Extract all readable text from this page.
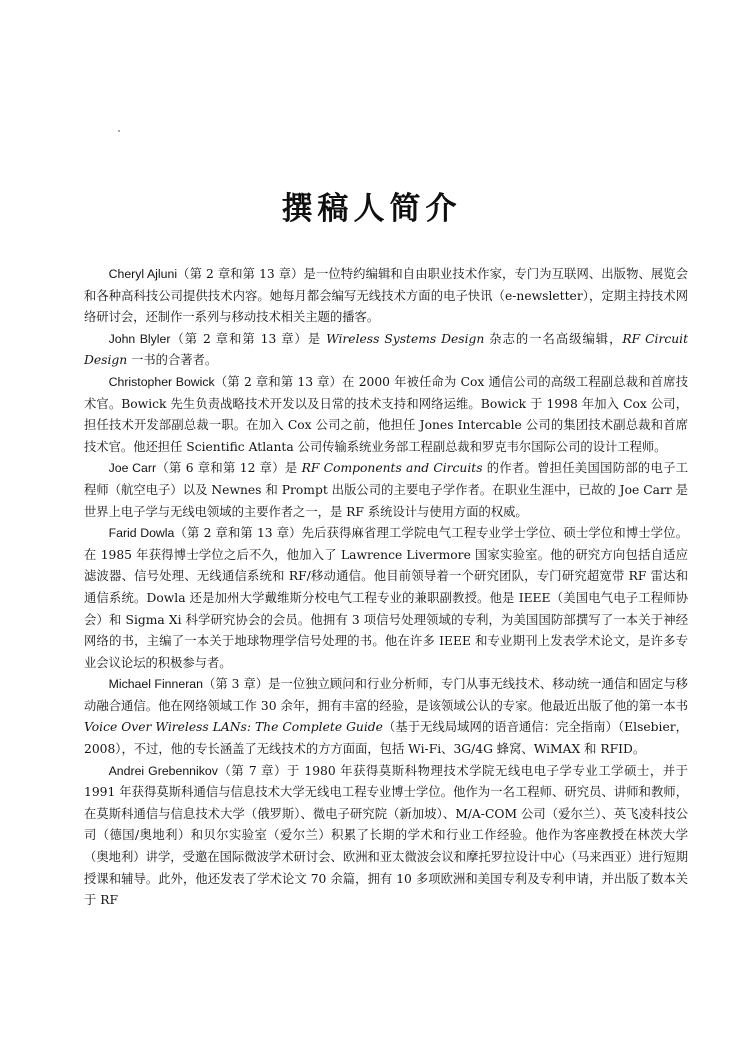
撰稿人简介

Cheryl Ajluni（第 2 章和第 13 章）是一位特约编辑和自由职业技术作家，专门为互联网、出版物、展览会和各种高科技公司提供技术内容。她每月都会编写无线技术方面的电子快讯（e-newsletter），定期主持技术网络研讨会，还制作一系列与移动技术相关主题的播客。

John Blyler（第 2 章和第 13 章）是 Wireless Systems Design 杂志的一名高级编辑，RF Circuit Design 一书的合著者。

Christopher Bowick（第 2 章和第 13 章）在 2000 年被任命为 Cox 通信公司的高级工程副总裁和首席技术官。Bowick 先生负责战略技术开发以及日常的技术支持和网络运维。Bowick 于 1998 年加入 Cox 公司，担任技术开发部副总裁一职。在加入 Cox 公司之前，他担任 Jones Intercable 公司的集团技术副总裁和首席技术官。他还担任 Scientific Atlanta 公司传输系统业务部工程副总裁和罗克韦尔国际公司的设计工程师。

Joe Carr（第 6 章和第 12 章）是 RF Components and Circuits 的作者。曾担任美国国防部的电子工程师（航空电子）以及 Newnes 和 Prompt 出版公司的主要电子学作者。在职业生涯中，已故的 Joe Carr 是世界上电子学与无线电领域的主要作者之一，是 RF 系统设计与使用方面的权威。

Farid Dowla（第 2 章和第 13 章）先后获得麻省理工学院电气工程专业学士学位、硕士学位和博士学位。在 1985 年获得博士学位之后不久，他加入了 Lawrence Livermore 国家实验室。他的研究方向包括自适应滤波器、信号处理、无线通信系统和 RF/移动通信。他目前领导着一个研究团队，专门研究超宽带 RF 雷达和通信系统。Dowla 还是加州大学戴维斯分校电气工程专业的兼职副教授。他是 IEEE（美国电气电子工程师协会）和 Sigma Xi 科学研究协会的会员。他拥有 3 项信号处理领域的专利，为美国国防部撰写了一本关于神经网络的书，主编了一本关于地球物理学信号处理的书。他在许多 IEEE 和专业期刊上发表学术论文，是许多专业会议论坛的积极参与者。

Michael Finneran（第 3 章）是一位独立顾问和行业分析师，专门从事无线技术、移动统一通信和固定与移动融合通信。他在网络领域工作 30 余年，拥有丰富的经验，是该领域公认的专家。他最近出版了他的第一本书 Voice Over Wireless LANs: The Complete Guide（基于无线局域网的语音通信：完全指南）（Elsebier，2008），不过，他的专长涵盖了无线技术的方方面面，包括 Wi-Fi、3G/4G 蜂窝、WiMAX 和 RFID。

Andrei Grebennikov（第 7 章）于 1980 年获得莫斯科物理技术学院无线电电子学专业工学硕士，并于 1991 年获得莫斯科通信与信息技术大学无线电工程专业博士学位。他作为一名工程师、研究员、讲师和教师，在莫斯科通信与信息技术大学（俄罗斯）、微电子研究院（新加坡）、M/A-COM 公司（爱尔兰）、英飞凌科技公司（德国/奥地利）和贝尔实验室（爱尔兰）积累了长期的学术和行业工作经验。他作为客座教授在林茨大学（奥地利）讲学，受邀在国际微波学术研讨会、欧洲和亚太微波会议和摩托罗拉设计中心（马来西亚）进行短期授课和辅导。此外，他还发表了学术论文 70 余篇，拥有 10 多项欧洲和美国专利及专利申请，并出版了数本关于 RF
